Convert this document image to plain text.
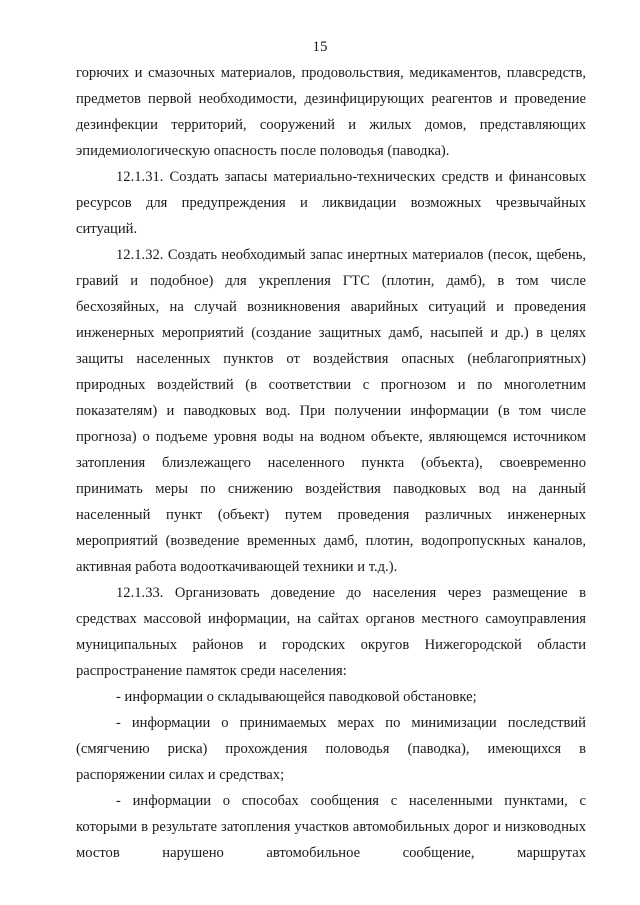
15

горючих и смазочных материалов, продовольствия, медикаментов, плавсредств, предметов первой необходимости, дезинфицирующих реагентов и проведение дезинфекции территорий, сооружений и жилых домов, представляющих эпидемиологическую опасность после половодья (паводка).

12.1.31. Создать запасы материально-технических средств и финансовых ресурсов для предупреждения и ликвидации возможных чрезвычайных ситуаций.

12.1.32. Создать необходимый запас инертных материалов (песок, щебень, гравий и подобное) для укрепления ГТС (плотин, дамб), в том числе бесхозяйных, на случай возникновения аварийных ситуаций и проведения инженерных мероприятий (создание защитных дамб, насыпей и др.) в целях защиты населенных пунктов от воздействия опасных (неблагоприятных) природных воздействий (в соответствии с прогнозом и по многолетним показателям) и паводковых вод. При получении информации (в том числе прогноза) о подъеме уровня воды на водном объекте, являющемся источником затопления близлежащего населенного пункта (объекта), своевременно принимать меры по снижению воздействия паводковых вод на данный населенный пункт (объект) путем проведения различных инженерных мероприятий (возведение временных дамб, плотин, водопропускных каналов, активная работа водооткачивающей техники и т.д.).

12.1.33. Организовать доведение до населения через размещение в средствах массовой информации, на сайтах органов местного самоуправления муниципальных районов и городских округов Нижегородской области распространение памяток среди населения:

- информации о складывающейся паводковой обстановке;

- информации о принимаемых мерах по минимизации последствий (смягчению риска) прохождения половодья (паводка), имеющихся в распоряжении силах и средствах;

- информации о способах сообщения с населенными пунктами, с которыми в результате затопления участков автомобильных дорог и низководных мостов нарушено автомобильное сообщение, маршрутах
